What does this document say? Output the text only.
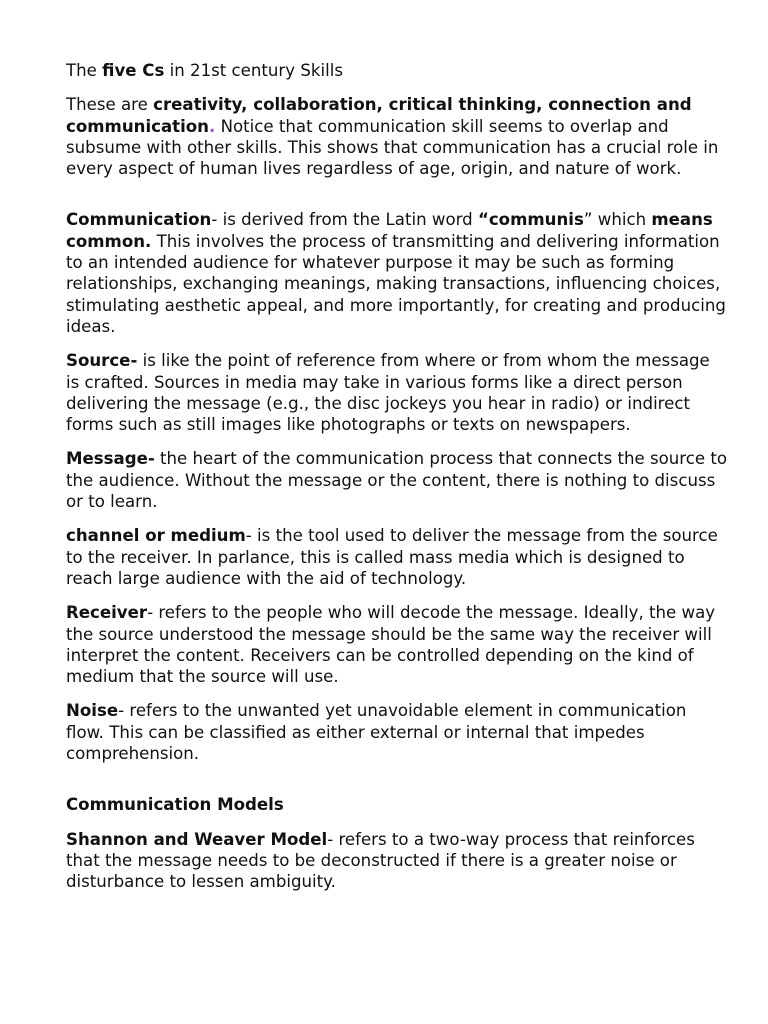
The five Cs in 21st century Skills

These are creativity, collaboration, critical thinking, connection and communication. Notice that communication skill seems to overlap and subsume with other skills. This shows that communication has a crucial role in every aspect of human lives regardless of age, origin, and nature of work.

Communication- is derived from the Latin word “communis” which means common. This involves the process of transmitting and delivering information to an intended audience for whatever purpose it may be such as forming relationships, exchanging meanings, making transactions, influencing choices, stimulating aesthetic appeal, and more importantly, for creating and producing ideas.

Source- is like the point of reference from where or from whom the message is crafted. Sources in media may take in various forms like a direct person delivering the message (e.g., the disc jockeys you hear in radio) or indirect forms such as still images like photographs or texts on newspapers.

Message- the heart of the communication process that connects the source to the audience. Without the message or the content, there is nothing to discuss or to learn.

channel or medium- is the tool used to deliver the message from the source to the receiver. In parlance, this is called mass media which is designed to reach large audience with the aid of technology.

Receiver- refers to the people who will decode the message. Ideally, the way the source understood the message should be the same way the receiver will interpret the content. Receivers can be controlled depending on the kind of medium that the source will use.

Noise- refers to the unwanted yet unavoidable element in communication flow. This can be classified as either external or internal that impedes comprehension.

Communication Models

Shannon and Weaver Model- refers to a two-way process that reinforces that the message needs to be deconstructed if there is a greater noise or disturbance to lessen ambiguity.
